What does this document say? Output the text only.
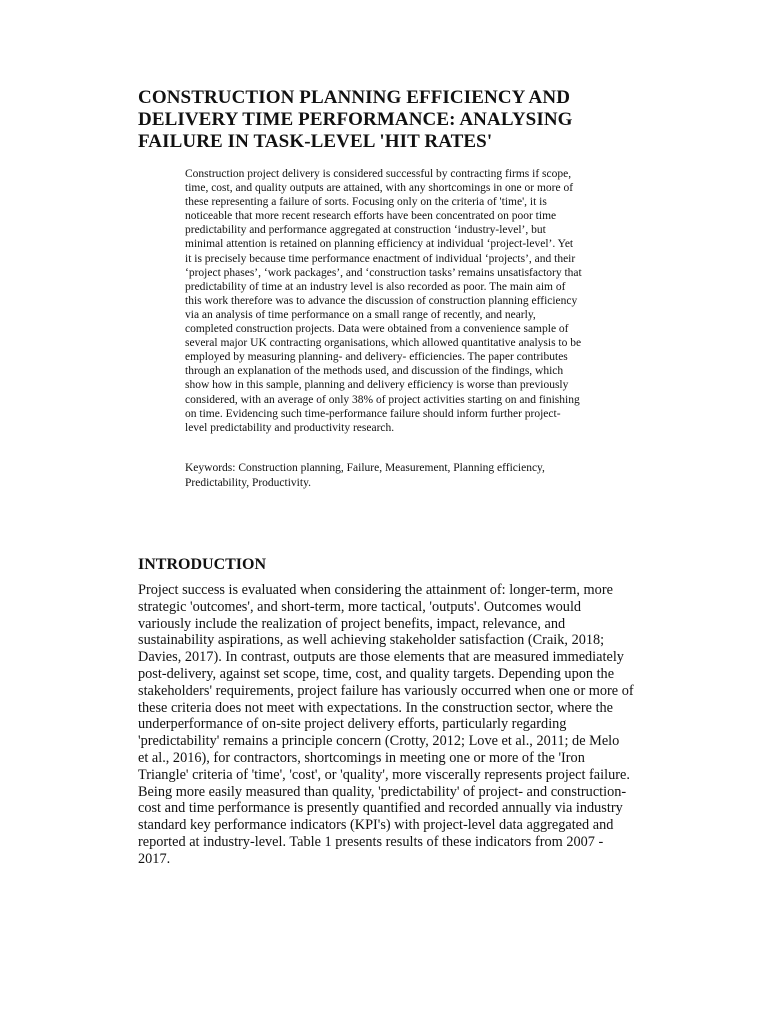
CONSTRUCTION PLANNING EFFICIENCY AND
DELIVERY TIME PERFORMANCE: ANALYSING
FAILURE IN TASK-LEVEL 'HIT RATES'
Construction project delivery is considered successful by contracting firms if scope,
time, cost, and quality outputs are attained, with any shortcomings in one or more of
these representing a failure of sorts. Focusing only on the criteria of 'time', it is
noticeable that more recent research efforts have been concentrated on poor time
predictability and performance aggregated at construction ‘industry-level’, but
minimal attention is retained on planning efficiency at individual ‘project-level’. Yet
it is precisely because time performance enactment of individual ‘projects’, and their
‘project phases’, ‘work packages’, and ‘construction tasks’ remains unsatisfactory that
predictability of time at an industry level is also recorded as poor. The main aim of
this work therefore was to advance the discussion of construction planning efficiency
via an analysis of time performance on a small range of recently, and nearly,
completed construction projects. Data were obtained from a convenience sample of
several major UK contracting organisations, which allowed quantitative analysis to be
employed by measuring planning- and delivery- efficiencies. The paper contributes
through an explanation of the methods used, and discussion of the findings, which
show how in this sample, planning and delivery efficiency is worse than previously
considered, with an average of only 38% of project activities starting on and finishing
on time. Evidencing such time-performance failure should inform further project-
level predictability and productivity research.
Keywords: Construction planning, Failure, Measurement, Planning efficiency,
Predictability, Productivity.
INTRODUCTION
Project success is evaluated when considering the attainment of: longer-term, more
strategic 'outcomes', and short-term, more tactical, 'outputs'. Outcomes would
variously include the realization of project benefits, impact, relevance, and
sustainability aspirations, as well achieving stakeholder satisfaction (Craik, 2018;
Davies, 2017). In contrast, outputs are those elements that are measured immediately
post-delivery, against set scope, time, cost, and quality targets. Depending upon the
stakeholders' requirements, project failure has variously occurred when one or more of
these criteria does not meet with expectations. In the construction sector, where the
underperformance of on-site project delivery efforts, particularly regarding
'predictability' remains a principle concern (Crotty, 2012; Love et al., 2011; de Melo
et al., 2016), for contractors, shortcomings in meeting one or more of the 'Iron
Triangle' criteria of 'time', 'cost', or 'quality', more viscerally represents project failure.
Being more easily measured than quality, 'predictability' of project- and construction-
cost and time performance is presently quantified and recorded annually via industry
standard key performance indicators (KPI's) with project-level data aggregated and
reported at industry-level. Table 1 presents results of these indicators from 2007 -
2017.
